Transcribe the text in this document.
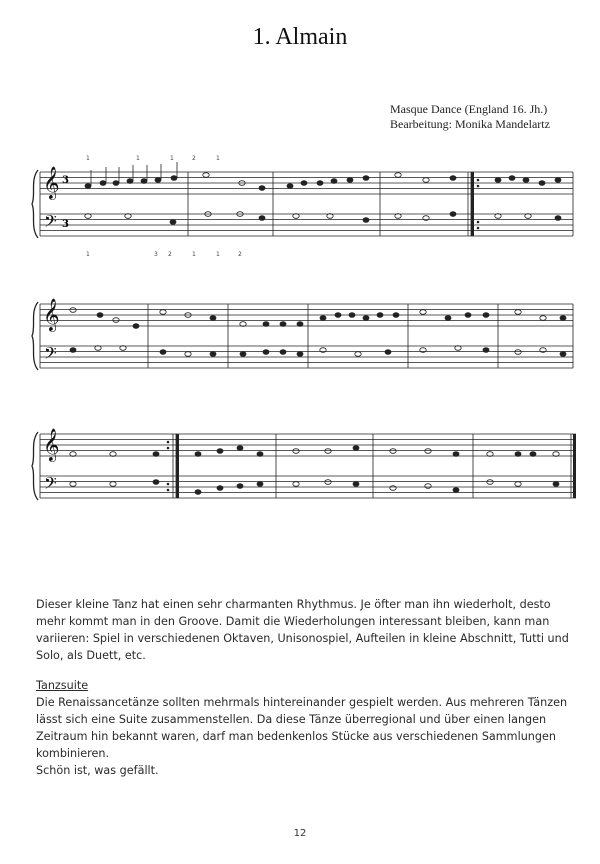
1. Almain
Masque Dance (England 16. Jh.)
Bearbeitung: Monika Mandelartz
𝄞
𝄢
3
3
1	1	1	2	1
1	3 2	1	1	2
𝄞
𝄢
𝄞
𝄢

Dieser kleine Tanz hat einen sehr charmanten Rhythmus. Je öfter man ihn wiederholt, desto mehr kommt man in den Groove. Damit die Wiederholungen interessant bleiben, kann man variieren: Spiel in verschiedenen Oktaven, Unisonospiel, Aufteilen in kleine Abschnitt, Tutti und Solo, als Duett, etc.

Tanzsuite
Die Renaissancetänze sollten mehrmals hintereinander gespielt werden. Aus mehreren Tänzen lässt sich eine Suite zusammenstellen. Da diese Tänze überregional und über einen langen Zeitraum hin bekannt waren, darf man bedenkenlos Stücke aus verschiedenen Sammlungen kombinieren.
Schön ist, was gefällt.
12
